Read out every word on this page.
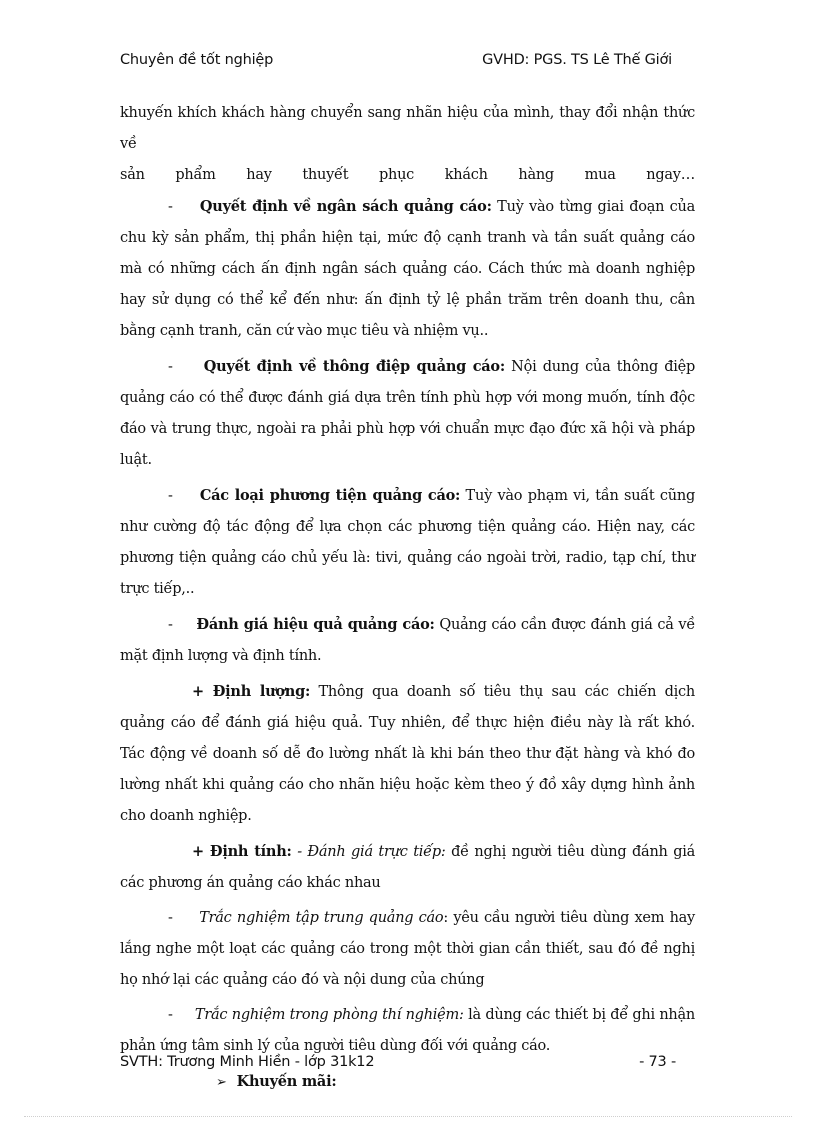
Chuyên đề tốt nghiệp	GVHD: PGS. TS Lê Thế Giới

khuyến khích khách hàng chuyển sang nhãn hiệu của mình, thay đổi nhận thức về

sản phẩm hay thuyết phục khách hàng mua ngay…

- Quyết định về ngân sách quảng cáo: Tuỳ vào từng giai đoạn của chu kỳ sản phẩm, thị phần hiện tại, mức độ cạnh tranh và tần suất quảng cáo mà có những cách ấn định ngân sách quảng cáo. Cách thức mà doanh nghiệp hay sử dụng có thể kể đến như: ấn định tỷ lệ phần trăm trên doanh thu, cân bằng cạnh tranh, căn cứ vào mục tiêu và nhiệm vụ..

- Quyết định về thông điệp quảng cáo: Nội dung của thông điệp quảng cáo có thể được đánh giá dựa trên tính phù hợp với mong muốn, tính độc đáo và trung thực, ngoài ra phải phù hợp với chuẩn mực đạo đức xã hội và pháp luật.

- Các loại phương tiện quảng cáo: Tuỳ vào phạm vi, tần suất cũng như cường độ tác động để lựa chọn các phương tiện quảng cáo. Hiện nay, các phương tiện quảng cáo chủ yếu là: tivi, quảng cáo ngoài trời, radio, tạp chí, thư trực tiếp,..

- Đánh giá hiệu quả quảng cáo: Quảng cáo cần được đánh giá cả về mặt định lượng và định tính.

+ Định lượng: Thông qua doanh số tiêu thụ sau các chiến dịch quảng cáo để đánh giá hiệu quả. Tuy nhiên, để thực hiện điều này là rất khó. Tác động về doanh số dễ đo lường nhất là khi bán theo thư đặt hàng và khó đo lường nhất khi quảng cáo cho nhãn hiệu hoặc kèm theo ý đồ xây dựng hình ảnh cho doanh nghiệp.

+ Định tính: - Đánh giá trực tiếp: đề nghị người tiêu dùng đánh giá các phương án quảng cáo khác nhau

- Trắc nghiệm tập trung quảng cáo: yêu cầu người tiêu dùng xem hay lắng nghe một loạt các quảng cáo trong một thời gian cần thiết, sau đó đề nghị họ nhớ lại các quảng cáo đó và nội dung của chúng

- Trắc nghiệm trong phòng thí nghiệm: là dùng các thiết bị để ghi nhận phản ứng tâm sinh lý của người tiêu dùng đối với quảng cáo.

➢ Khuyến mãi:

SVTH: Trương Minh Hiền - lớp 31k12	- 73 -
